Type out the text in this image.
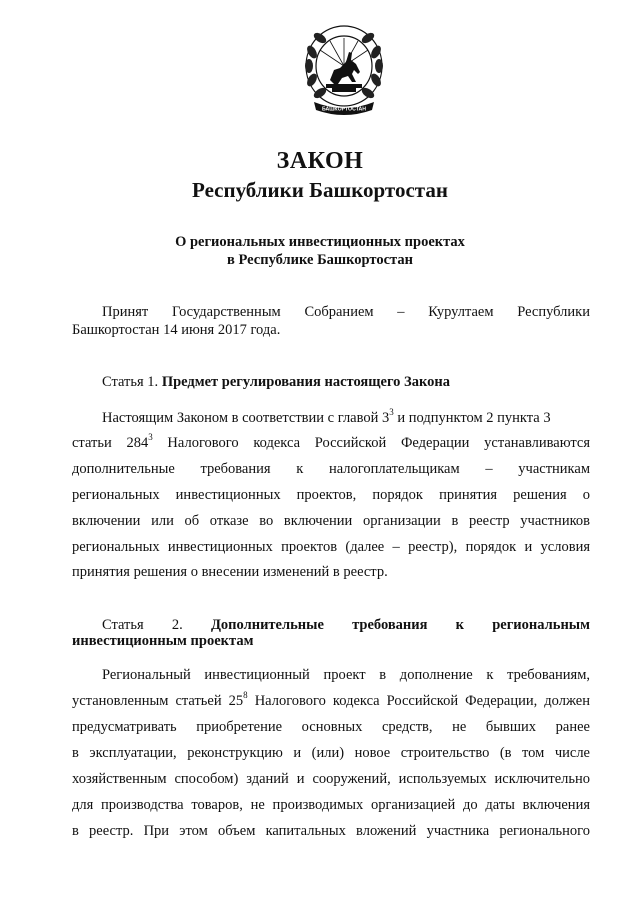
БАШКОРТОСТАН
ЗАКОН
Республики Башкортостан
О региональных инвестиционных проектах
в Республике Башкортостан
Принят Государственным Собранием – Курултаем Республики
Башкортостан 14 июня 2017 года.
Статья 1. Предмет регулирования настоящего Закона
Настоящим Законом в соответствии с главой $3^3$ и подпунктом 2 пункта 3
статьи $284^3$ Налогового кодекса Российской Федерации устанавливаются
дополнительные требования к налогоплательщикам – участникам
региональных инвестиционных проектов, порядок принятия решения о
включении или об отказе во включении организации в реестр участников
региональных инвестиционных проектов (далее – реестр), порядок и условия
принятия решения о внесении изменений в реестр.
Статья 2. Дополнительные требования к региональным
инвестиционным проектам
Региональный инвестиционный проект в дополнение к требованиям,
установленным статьей $25^8$ Налогового кодекса Российской Федерации, должен
предусматривать приобретение основных средств, не бывших ранее
в эксплуатации, реконструкцию и (или) новое строительство (в том числе
хозяйственным способом) зданий и сооружений, используемых исключительно
для производства товаров, не производимых организацией до даты включения
в реестр. При этом объем капитальных вложений участника регионального
